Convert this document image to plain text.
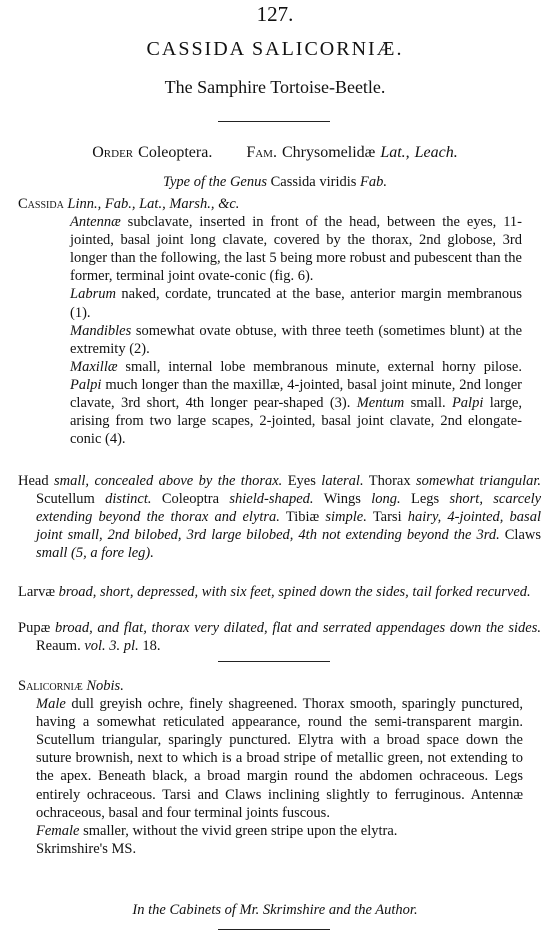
127.
CASSIDA SALICORNIÆ.
The Samphire Tortoise-Beetle.
Order Coleoptera. Fam. Chrysomelidæ Lat., Leach.
Type of the Genus Cassida viridis Fab.

Cassida Linn., Fab., Lat., Marsh., &c.

Antennæ subclavate, inserted in front of the head, between the eyes, 11-jointed, basal joint long clavate, covered by the thorax, 2nd globose, 3rd longer than the following, the last 5 being more robust and pubescent than the former, terminal joint ovate-conic (fig. 6).

Labrum naked, cordate, truncated at the base, anterior margin membranous (1).

Mandibles somewhat ovate obtuse, with three teeth (sometimes blunt) at the extremity (2).

Maxillæ small, internal lobe membranous minute, external horny pilose. Palpi much longer than the maxillæ, 4-jointed, basal joint minute, 2nd longer clavate, 3rd short, 4th longer pear-shaped (3). Mentum small. Palpi large, arising from two large scapes, 2-jointed, basal joint clavate, 2nd elongate-conic (4).

Head small, concealed above by the thorax. Eyes lateral. Thorax somewhat triangular. Scutellum distinct. Coleoptra shield-shaped. Wings long. Legs short, scarcely extending beyond the thorax and elytra. Tibiæ simple. Tarsi hairy, 4-jointed, basal joint small, 2nd bilobed, 3rd large bilobed, 4th not extending beyond the 3rd. Claws small (5, a fore leg).
Larvæ broad, short, depressed, with six feet, spined down the sides, tail forked recurved.
Pupæ broad, and flat, thorax very dilated, flat and serrated appendages down the sides. Reaum. vol. 3. pl. 18.

Salicorniæ Nobis.

Male dull greyish ochre, finely shagreened. Thorax smooth, sparingly punctured, having a somewhat reticulated appearance, round the semi-transparent margin. Scutellum triangular, sparingly punctured. Elytra with a broad space down the suture brownish, next to which is a broad stripe of metallic green, not extending to the apex. Beneath black, a broad margin round the abdomen ochraceous. Legs entirely ochraceous. Tarsi and Claws inclining slightly to ferruginous. Antennæ ochraceous, basal and four terminal joints fuscous.

Female smaller, without the vivid green stripe upon the elytra.

Skrimshire's MS.

In the Cabinets of Mr. Skrimshire and the Author.
